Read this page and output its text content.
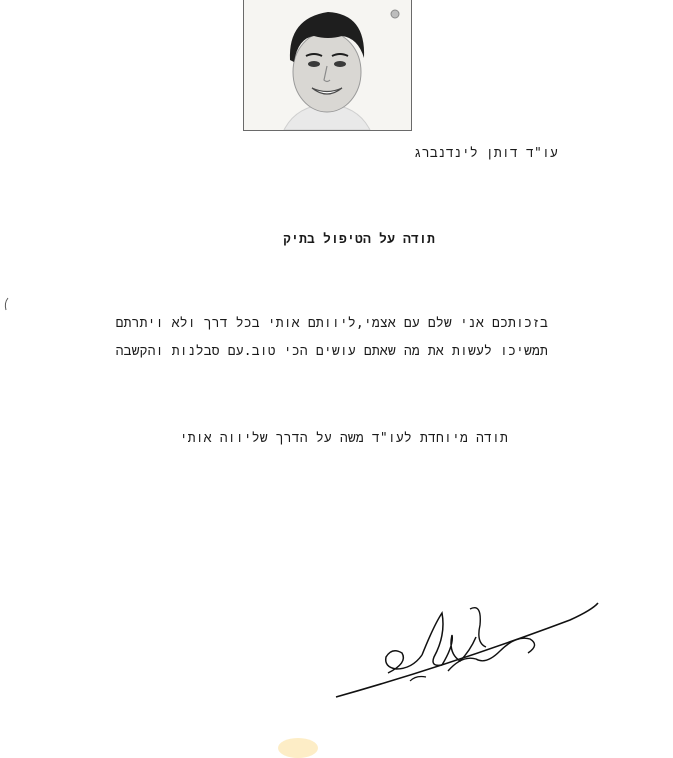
עו"ד דותן לינדנברג
תודה על הטיפול בתיק
בזכותכם אני שלם עם אצמי,ליוותם אותי בכל דרך ולא ויתרתם
תמשיכו לעשות את מה שאתם עושים הכי טוב.עם סבלנות והקשבה
תודה מיוחדת לעו"ד משה על הדרך שליווה אותי
